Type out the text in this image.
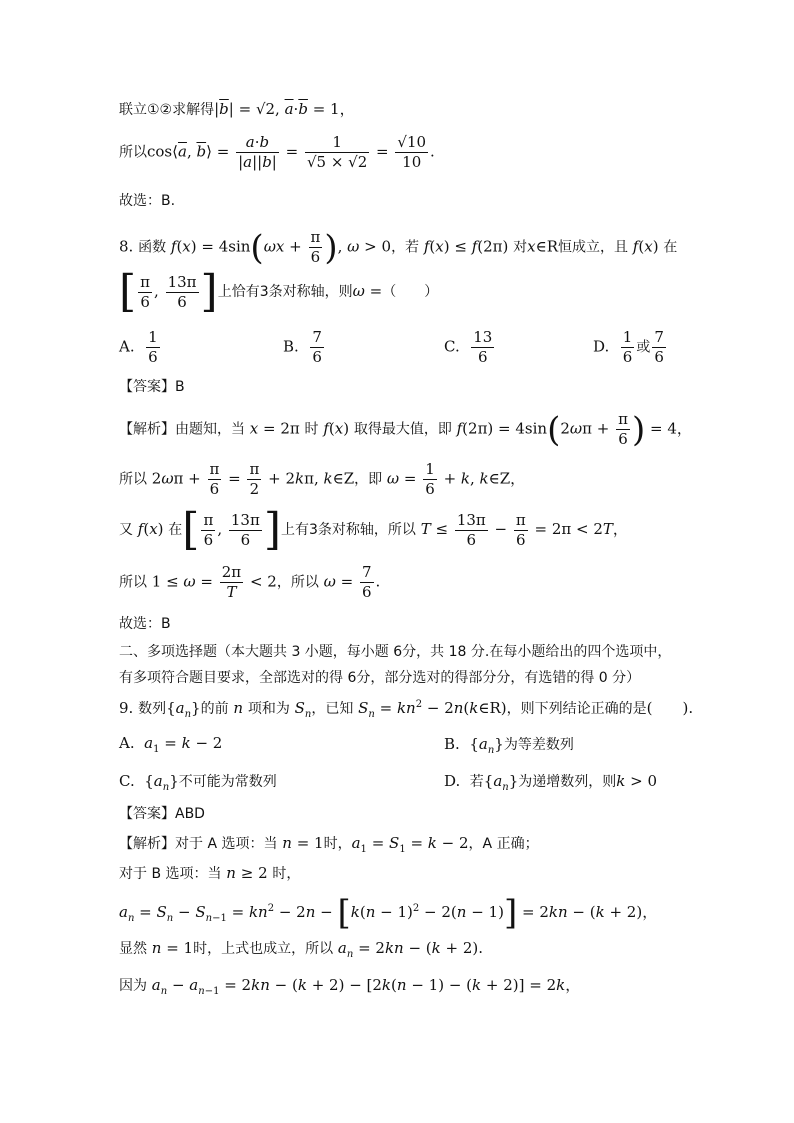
联立①②求解得$|\overline{b}| = √2$, $\overline{a}\cdot\overline{b} = 1$，
所以$\cos⟨\overline{a}$, $\overline{b}⟩ = \frac{a\cdot b}{|a||b|} = \frac{1}{√5 \times √2} = \frac{√10}{10}$ .
故选：B.
8. 函数 $f(x) = 4\sin(\omega x + \frac{\pi}{6}$ ), ω > 0，若 f(x) ≤ f(2π) 对x∈R恒成立，且 f(x) 在
[ $\frac{\pi}{6}$ , $\frac{13\pi}{6}$ ]上恰有3条对称轴，则ω =（　　）
A. $\frac{1}{6}$	B. $\frac{7}{6}$	C. $\frac{13}{6}$	D. $\frac{1}{6}$ 或 $\frac{7}{6}$
【答案】B
【解析】由题知，当 x = 2π 时 f(x) 取得最大值，即 $f(2\pi) = 4\sin(2\omega\pi + \frac{\pi}{6}$ ) = 4，
所以 $2\omega\pi + \frac{\pi}{6} = \frac{\pi}{2} + 2k\pi$, k∈Z，即 $\omega = \frac{1}{6} + k$, k∈Z，
又 f(x) 在[ $\frac{\pi}{6}$ , $\frac{13\pi}{6}$ ]上有3条对称轴，所以 $T \le \frac{13\pi}{6} - \frac{\pi}{6} = 2\pi < 2T$，
所以 $1 \le \omega = \frac{2\pi}{T} < 2$，所以 $\omega = \frac{7}{6}$ .
故选：B
二、多项选择题（本大题共 3 小题，每小题 6分，共 18 分.在每小题给出的四个选项中，
有多项符合题目要求，全部选对的得 6分，部分选对的得部分分，有选错的得 0 分）
9. 数列$\{a_n\}$的前 n 项和为 $S_n$，已知 $S_n = kn^2$ − 2n(k∈R)，则下列结论正确的是(　　).
A.  $a_1 = k - 2$	B.  $\{a_n\}$为等差数列
C.  $\{a_n\}$不可能为常数列	D.  若$\{a_n\}$为递增数列，则k > 0
【答案】ABD
【解析】对于 A 选项：当 n = 1时，$a_1 = S_1 = k - 2$，A 正确；
对于 B 选项：当 n ≥ 2 时，
$a_n = S_n - S_{n-1} = kn^2 - 2n - [k(n - 1)^2 - 2(n - 1)] = 2kn - (k + 2)$，
显然 n = 1时，上式也成立，所以 $a_n = 2kn - (k + 2)$.
因为 $a_n - a_{n-1} = 2kn - (k + 2) - [2k(n - 1) - (k + 2)] = 2k$，
